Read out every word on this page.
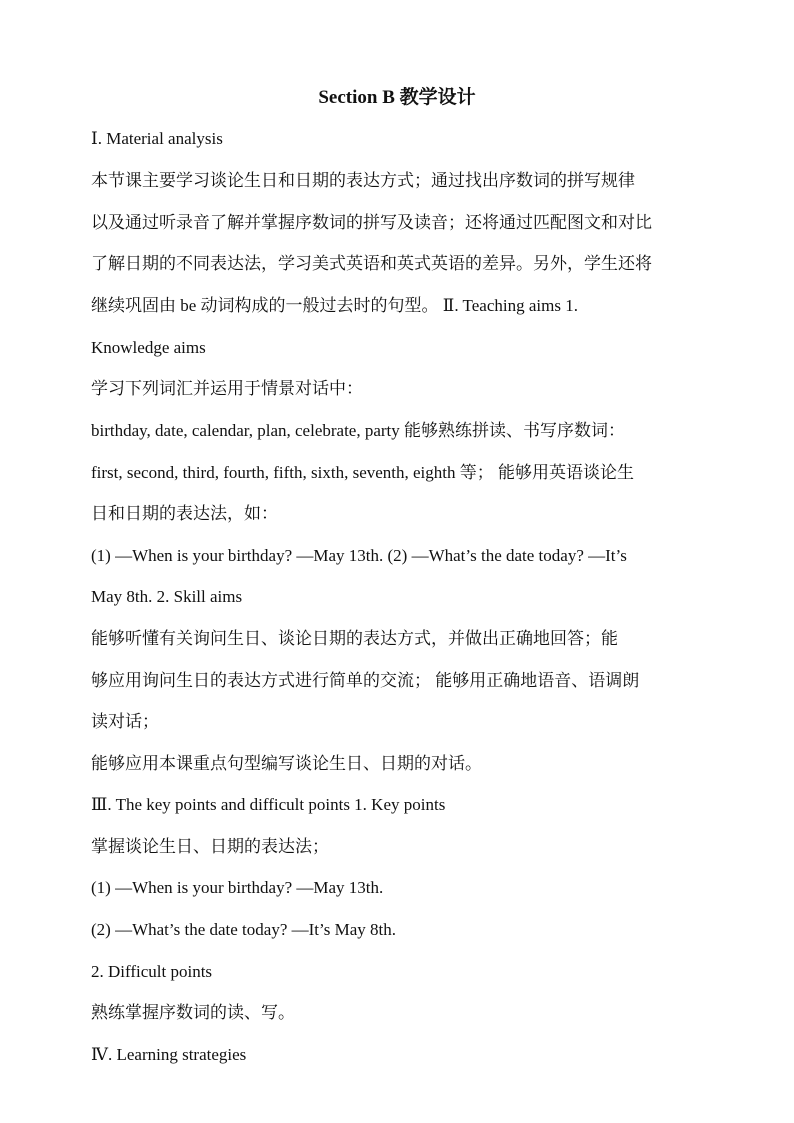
Section B 教学设计
Ⅰ. Material analysis
本节课主要学习谈论生日和日期的表达方式；通过找出序数词的拼写规律
以及通过听录音了解并掌握序数词的拼写及读音；还将通过匹配图文和对比
了解日期的不同表达法，学习美式英语和英式英语的差异。另外，学生还将
继续巩固由 be 动词构成的一般过去时的句型。 Ⅱ. Teaching aims 1.
Knowledge aims
学习下列词汇并运用于情景对话中：
birthday, date, calendar, plan, celebrate, party 能够熟练拼读、书写序数词：
first, second, third, fourth, fifth, sixth, seventh, eighth 等； 能够用英语谈论生
日和日期的表达法，如：
(1) —When is your birthday? —May 13th. (2) —What’s the date today? —It’s
May 8th. 2. Skill aims
能够听懂有关询问生日、谈论日期的表达方式，并做出正确地回答；能
够应用询问生日的表达方式进行简单的交流； 能够用正确地语音、语调朗
读对话；
能够应用本课重点句型编写谈论生日、日期的对话。
Ⅲ. The key points and difficult points 1. Key points
掌握谈论生日、日期的表达法；
(1) —When is your birthday? —May 13th.
(2) —What’s the date today? —It’s May 8th.
2. Difficult points
熟练掌握序数词的读、写。
Ⅳ. Learning strategies
